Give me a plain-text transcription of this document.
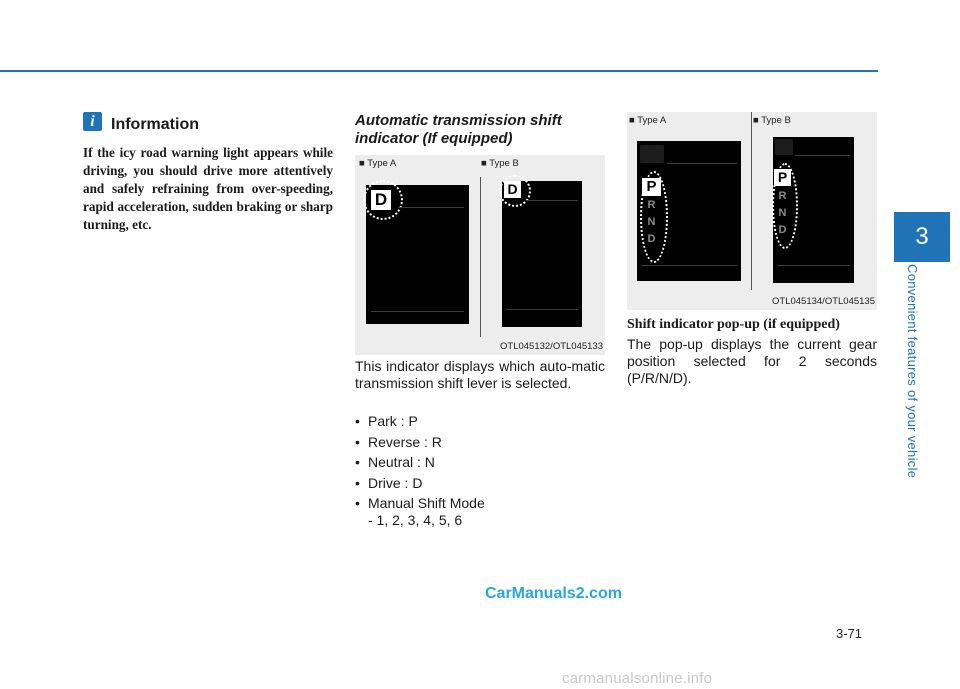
3
Convenient features of your vehicle
i	Information
If the icy road warning light appears while driving, you should drive more attentively and safely refraining from over-speeding, rapid acceleration, sudden braking or sharp turning, etc.
Automatic transmission shift indicator (If equipped)
■ Type A	■ Type B
D
D
OTL045132/OTL045133
This indicator displays which auto-matic transmission shift lever is selected.
• Park : P
• Reverse : R
• Neutral : N
• Drive : D
• Manual Shift Mode
- 1, 2, 3, 4, 5, 6
■ Type A	■ Type B
P
R
N
D
P
R
N
D
OTL045134/OTL045135
Shift indicator pop-up (if equipped)
The pop-up displays the current gear position selected for 2 seconds (P/R/N/D).
3-71
CarManuals2.com
carmanualsonline.info
